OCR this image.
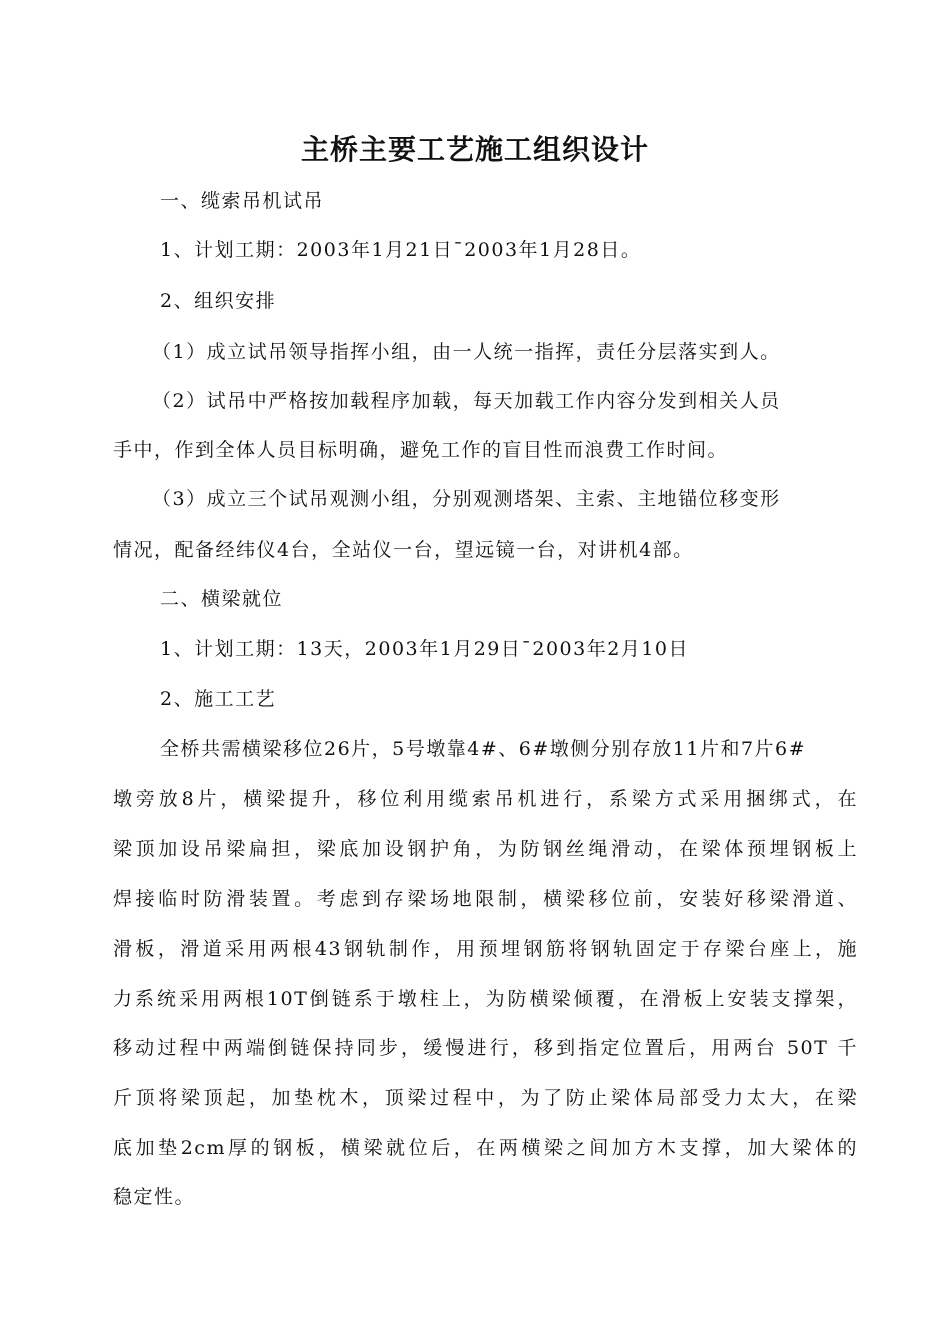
主桥主要工艺施工组织设计
一、缆索吊机试吊
1、计划工期：2003年1月21日¯2003年1月28日。
2、组织安排
（1）成立试吊领导指挥小组，由一人统一指挥，责任分层落实到人。
（2）试吊中严格按加载程序加载，每天加载工作内容分发到相关人员
手中，作到全体人员目标明确，避免工作的盲目性而浪费工作时间。
（3）成立三个试吊观测小组，分别观测塔架、主索、主地锚位移变形
情况，配备经纬仪4台，全站仪一台，望远镜一台，对讲机4部。
二、横梁就位
1、计划工期：13天，2003年1月29日¯2003年2月10日
2、施工工艺
全桥共需横梁移位26片，5号墩靠4#、6#墩侧分别存放11片和7片6#
墩旁放8片，横梁提升，移位利用缆索吊机进行，系梁方式采用捆绑式，在
梁顶加设吊梁扁担，梁底加设钢护角，为防钢丝绳滑动，在梁体预埋钢板上
焊接临时防滑装置。考虑到存梁场地限制，横梁移位前，安装好移梁滑道、
滑板，滑道采用两根43钢轨制作，用预埋钢筋将钢轨固定于存梁台座上，施
力系统采用两根10T倒链系于墩柱上，为防横梁倾覆，在滑板上安装支撑架，
移动过程中两端倒链保持同步，缓慢进行，移到指定位置后，用两台 50T 千
斤顶将梁顶起，加垫枕木，顶梁过程中，为了防止梁体局部受力太大，在梁
底加垫2cm厚的钢板，横梁就位后，在两横梁之间加方木支撑，加大梁体的
稳定性。
